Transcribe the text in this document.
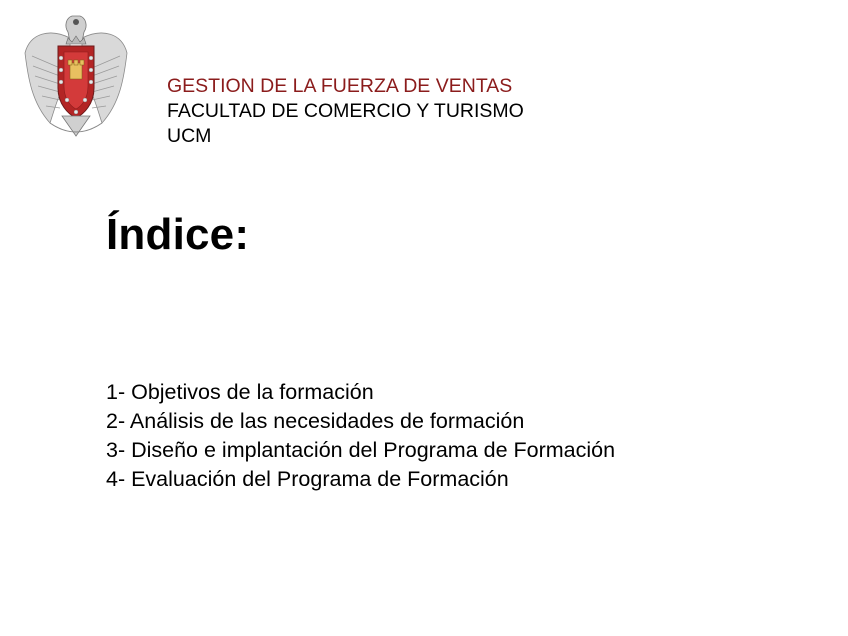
GESTION DE LA FUERZA DE VENTAS
FACULTAD DE COMERCIO Y TURISMO
UCM
Índice:
1- Objetivos de la formación
2- Análisis de las necesidades de formación
3- Diseño e implantación del Programa de Formación
4- Evaluación del Programa de Formación
